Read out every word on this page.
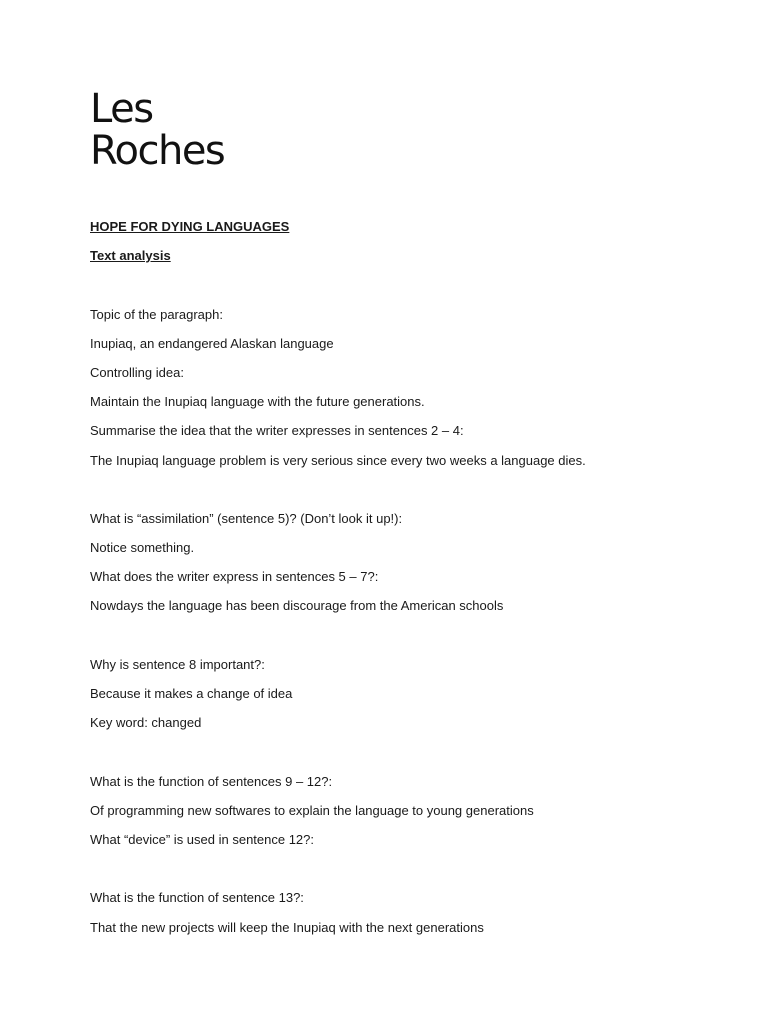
Les
Roches

HOPE FOR DYING LANGUAGES

Text analysis

Topic of the paragraph:

Inupiaq, an endangered Alaskan language

Controlling idea:

Maintain the Inupiaq language with the future generations.

Summarise the idea that the writer expresses in sentences 2 – 4:

The Inupiaq language problem is very serious since every two weeks a language dies.

What is “assimilation” (sentence 5)? (Don’t look it up!):

Notice something.

What does the writer express in sentences 5 – 7?:

Nowdays the language has been discourage from the American schools

Why is sentence 8 important?:

Because it makes a change of idea

Key word: changed

What is the function of sentences 9 – 12?:

Of programming new softwares to explain the language to young generations

What “device” is used in sentence 12?:

What is the function of sentence 13?:

That the new projects will keep the Inupiaq with the next generations
